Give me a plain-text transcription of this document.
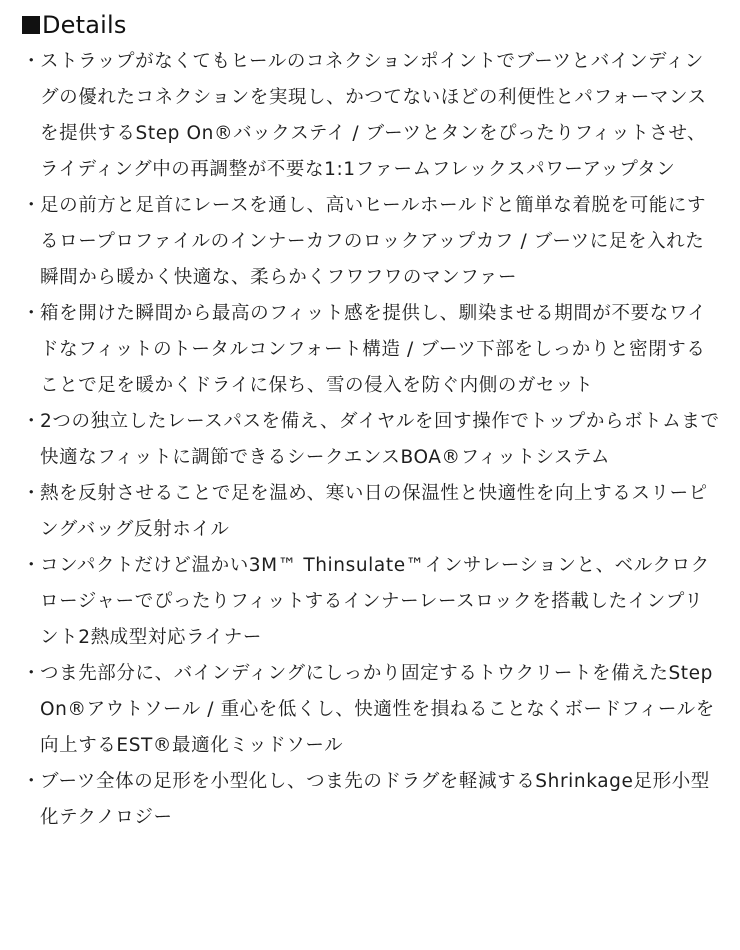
Details
・
ストラップがなくてもヒールのコネクションポイントでブーツとバインディングの優れたコネクションを実現し、かつてないほどの利便性とパフォーマンスを提供するStep On®バックステイ / ブーツとタンをぴったりフィットさせ、ライディング中の再調整が不要な1:1ファームフレックスパワーアップタン
・
足の前方と足首にレースを通し、高いヒールホールドと簡単な着脱を可能にするロープロファイルのインナーカフのロックアップカフ / ブーツに足を入れた瞬間から暖かく快適な、柔らかくフワフワのマンファー
・
箱を開けた瞬間から最高のフィット感を提供し、馴染ませる期間が不要なワイドなフィットのトータルコンフォート構造 / ブーツ下部をしっかりと密閉することで足を暖かくドライに保ち、雪の侵入を防ぐ内側のガセット
・
2つの独立したレースパスを備え、ダイヤルを回す操作でトップからボトムまで快適なフィットに調節できるシークエンスBOA®フィットシステム
・
熱を反射させることで足を温め、寒い日の保温性と快適性を向上するスリーピングバッグ反射ホイル
・
コンパクトだけど温かい3M™ Thinsulate™インサレーションと、ベルクロクロージャーでぴったりフィットするインナーレースロックを搭載したインプリント2熱成型対応ライナー
・
つま先部分に、バインディングにしっかり固定するトウクリートを備えたStep On®アウトソール / 重心を低くし、快適性を損ねることなくボードフィールを向上するEST®最適化ミッドソール
・
ブーツ全体の足形を小型化し、つま先のドラグを軽減するShrinkage足形小型化テクノロジー
